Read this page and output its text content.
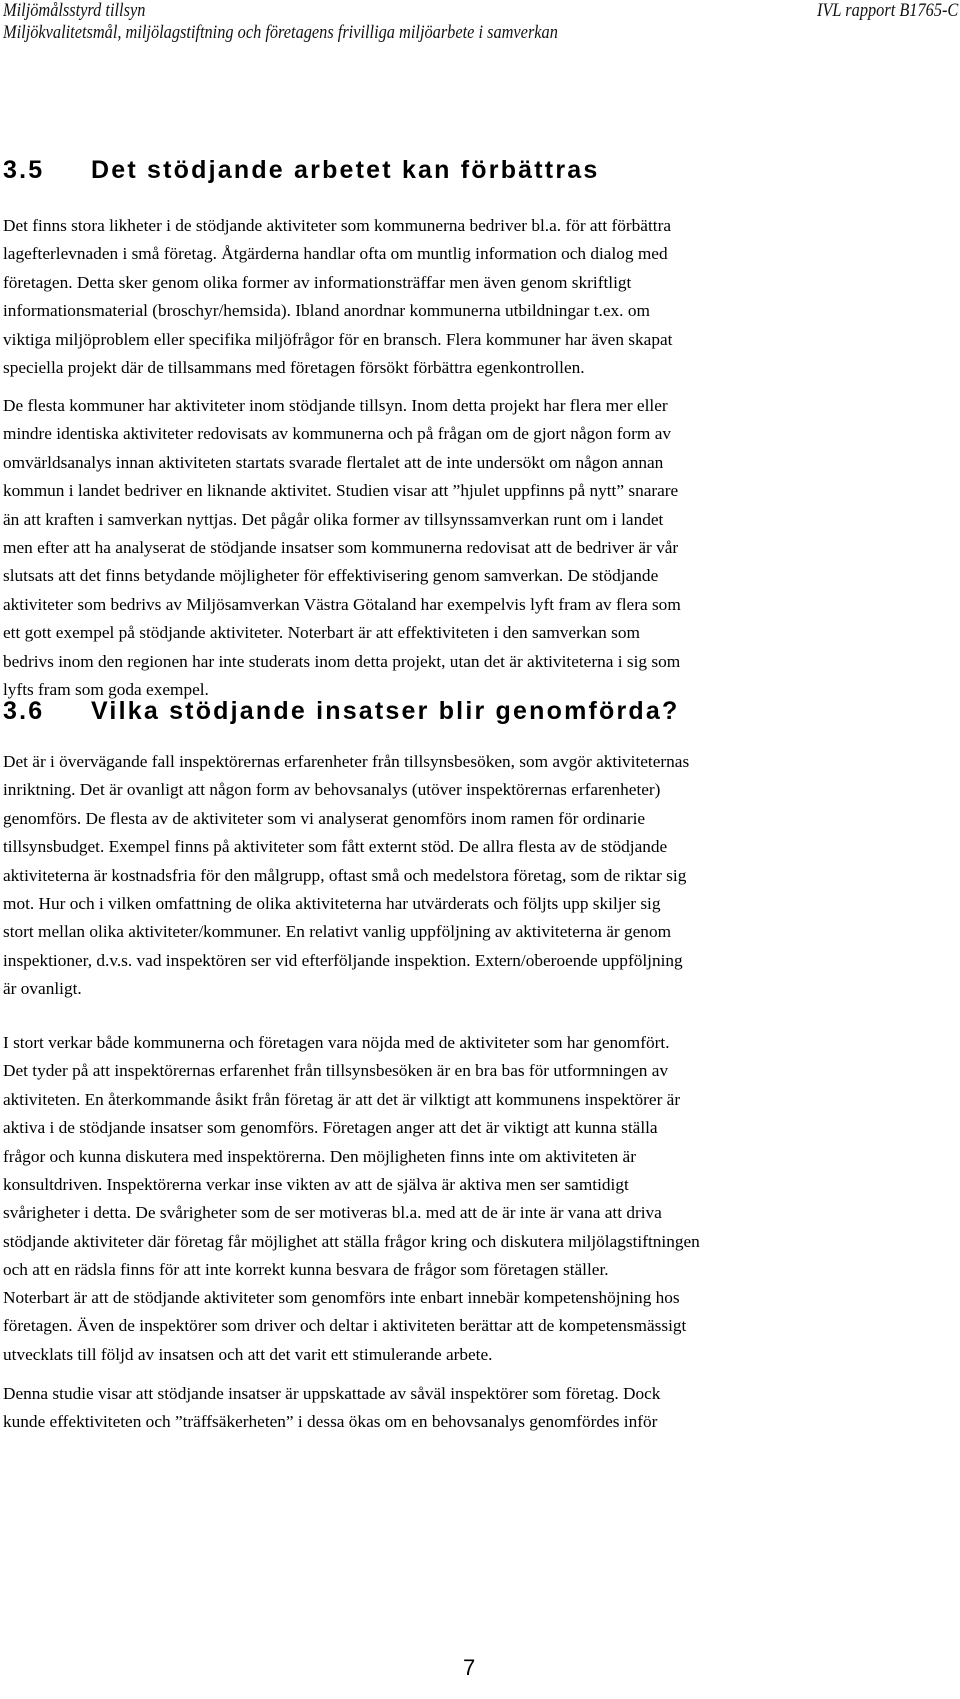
Miljömålsstyrd tillsyn
Miljökvalitetsmål, miljölagstiftning och företagens frivilliga miljöarbete i samverkan
IVL rapport B1765-C
3.5 Det stödjande arbetet kan förbättras
Det finns stora likheter i de stödjande aktiviteter som kommunerna bedriver bl.a. för att förbättra
lagefterlevnaden i små företag. Åtgärderna handlar ofta om muntlig information och dialog med
företagen. Detta sker genom olika former av informationsträffar men även genom skriftligt
informationsmaterial (broschyr/hemsida). Ibland anordnar kommunerna utbildningar t.ex. om
viktiga miljöproblem eller specifika miljöfrågor för en bransch. Flera kommuner har även skapat
speciella projekt där de tillsammans med företagen försökt förbättra egenkontrollen.
De flesta kommuner har aktiviteter inom stödjande tillsyn. Inom detta projekt har flera mer eller
mindre identiska aktiviteter redovisats av kommunerna och på frågan om de gjort någon form av
omvärldsanalys innan aktiviteten startats svarade flertalet att de inte undersökt om någon annan
kommun i landet bedriver en liknande aktivitet. Studien visar att ”hjulet uppfinns på nytt” snarare
än att kraften i samverkan nyttjas. Det pågår olika former av tillsynssamverkan runt om i landet
men efter att ha analyserat de stödjande insatser som kommunerna redovisat att de bedriver är vår
slutsats att det finns betydande möjligheter för effektivisering genom samverkan. De stödjande
aktiviteter som bedrivs av Miljösamverkan Västra Götaland har exempelvis lyft fram av flera som
ett gott exempel på stödjande aktiviteter. Noterbart är att effektiviteten i den samverkan som
bedrivs inom den regionen har inte studerats inom detta projekt, utan det är aktiviteterna i sig som
lyfts fram som goda exempel.
3.6 Vilka stödjande insatser blir genomförda?
Det är i övervägande fall inspektörernas erfarenheter från tillsynsbesöken, som avgör aktiviteternas
inriktning. Det är ovanligt att någon form av behovsanalys (utöver inspektörernas erfarenheter)
genomförs. De flesta av de aktiviteter som vi analyserat genomförs inom ramen för ordinarie
tillsynsbudget. Exempel finns på aktiviteter som fått externt stöd. De allra flesta av de stödjande
aktiviteterna är kostnadsfria för den målgrupp, oftast små och medelstora företag, som de riktar sig
mot. Hur och i vilken omfattning de olika aktiviteterna har utvärderats och följts upp skiljer sig
stort mellan olika aktiviteter/kommuner. En relativt vanlig uppföljning av aktiviteterna är genom
inspektioner, d.v.s. vad inspektören ser vid efterföljande inspektion. Extern/oberoende uppföljning
är ovanligt.
I stort verkar både kommunerna och företagen vara nöjda med de aktiviteter som har genomfört.
Det tyder på att inspektörernas erfarenhet från tillsynsbesöken är en bra bas för utformningen av
aktiviteten. En återkommande åsikt från företag är att det är vilktigt att kommunens inspektörer är
aktiva i de stödjande insatser som genomförs. Företagen anger att det är viktigt att kunna ställa
frågor och kunna diskutera med inspektörerna. Den möjligheten finns inte om aktiviteten är
konsultdriven. Inspektörerna verkar inse vikten av att de själva är aktiva men ser samtidigt
svårigheter i detta. De svårigheter som de ser motiveras bl.a. med att de är inte är vana att driva
stödjande aktiviteter där företag får möjlighet att ställa frågor kring och diskutera miljölagstiftningen
och att en rädsla finns för att inte korrekt kunna besvara de frågor som företagen ställer.
Noterbart är att de stödjande aktiviteter som genomförs inte enbart innebär kompetenshöjning hos
företagen. Även de inspektörer som driver och deltar i aktiviteten berättar att de kompetensmässigt
utvecklats till följd av insatsen och att det varit ett stimulerande arbete.
Denna studie visar att stödjande insatser är uppskattade av såväl inspektörer som företag. Dock
kunde effektiviteten och ”träffsäkerheten” i dessa ökas om en behovsanalys genomfördes inför
7
